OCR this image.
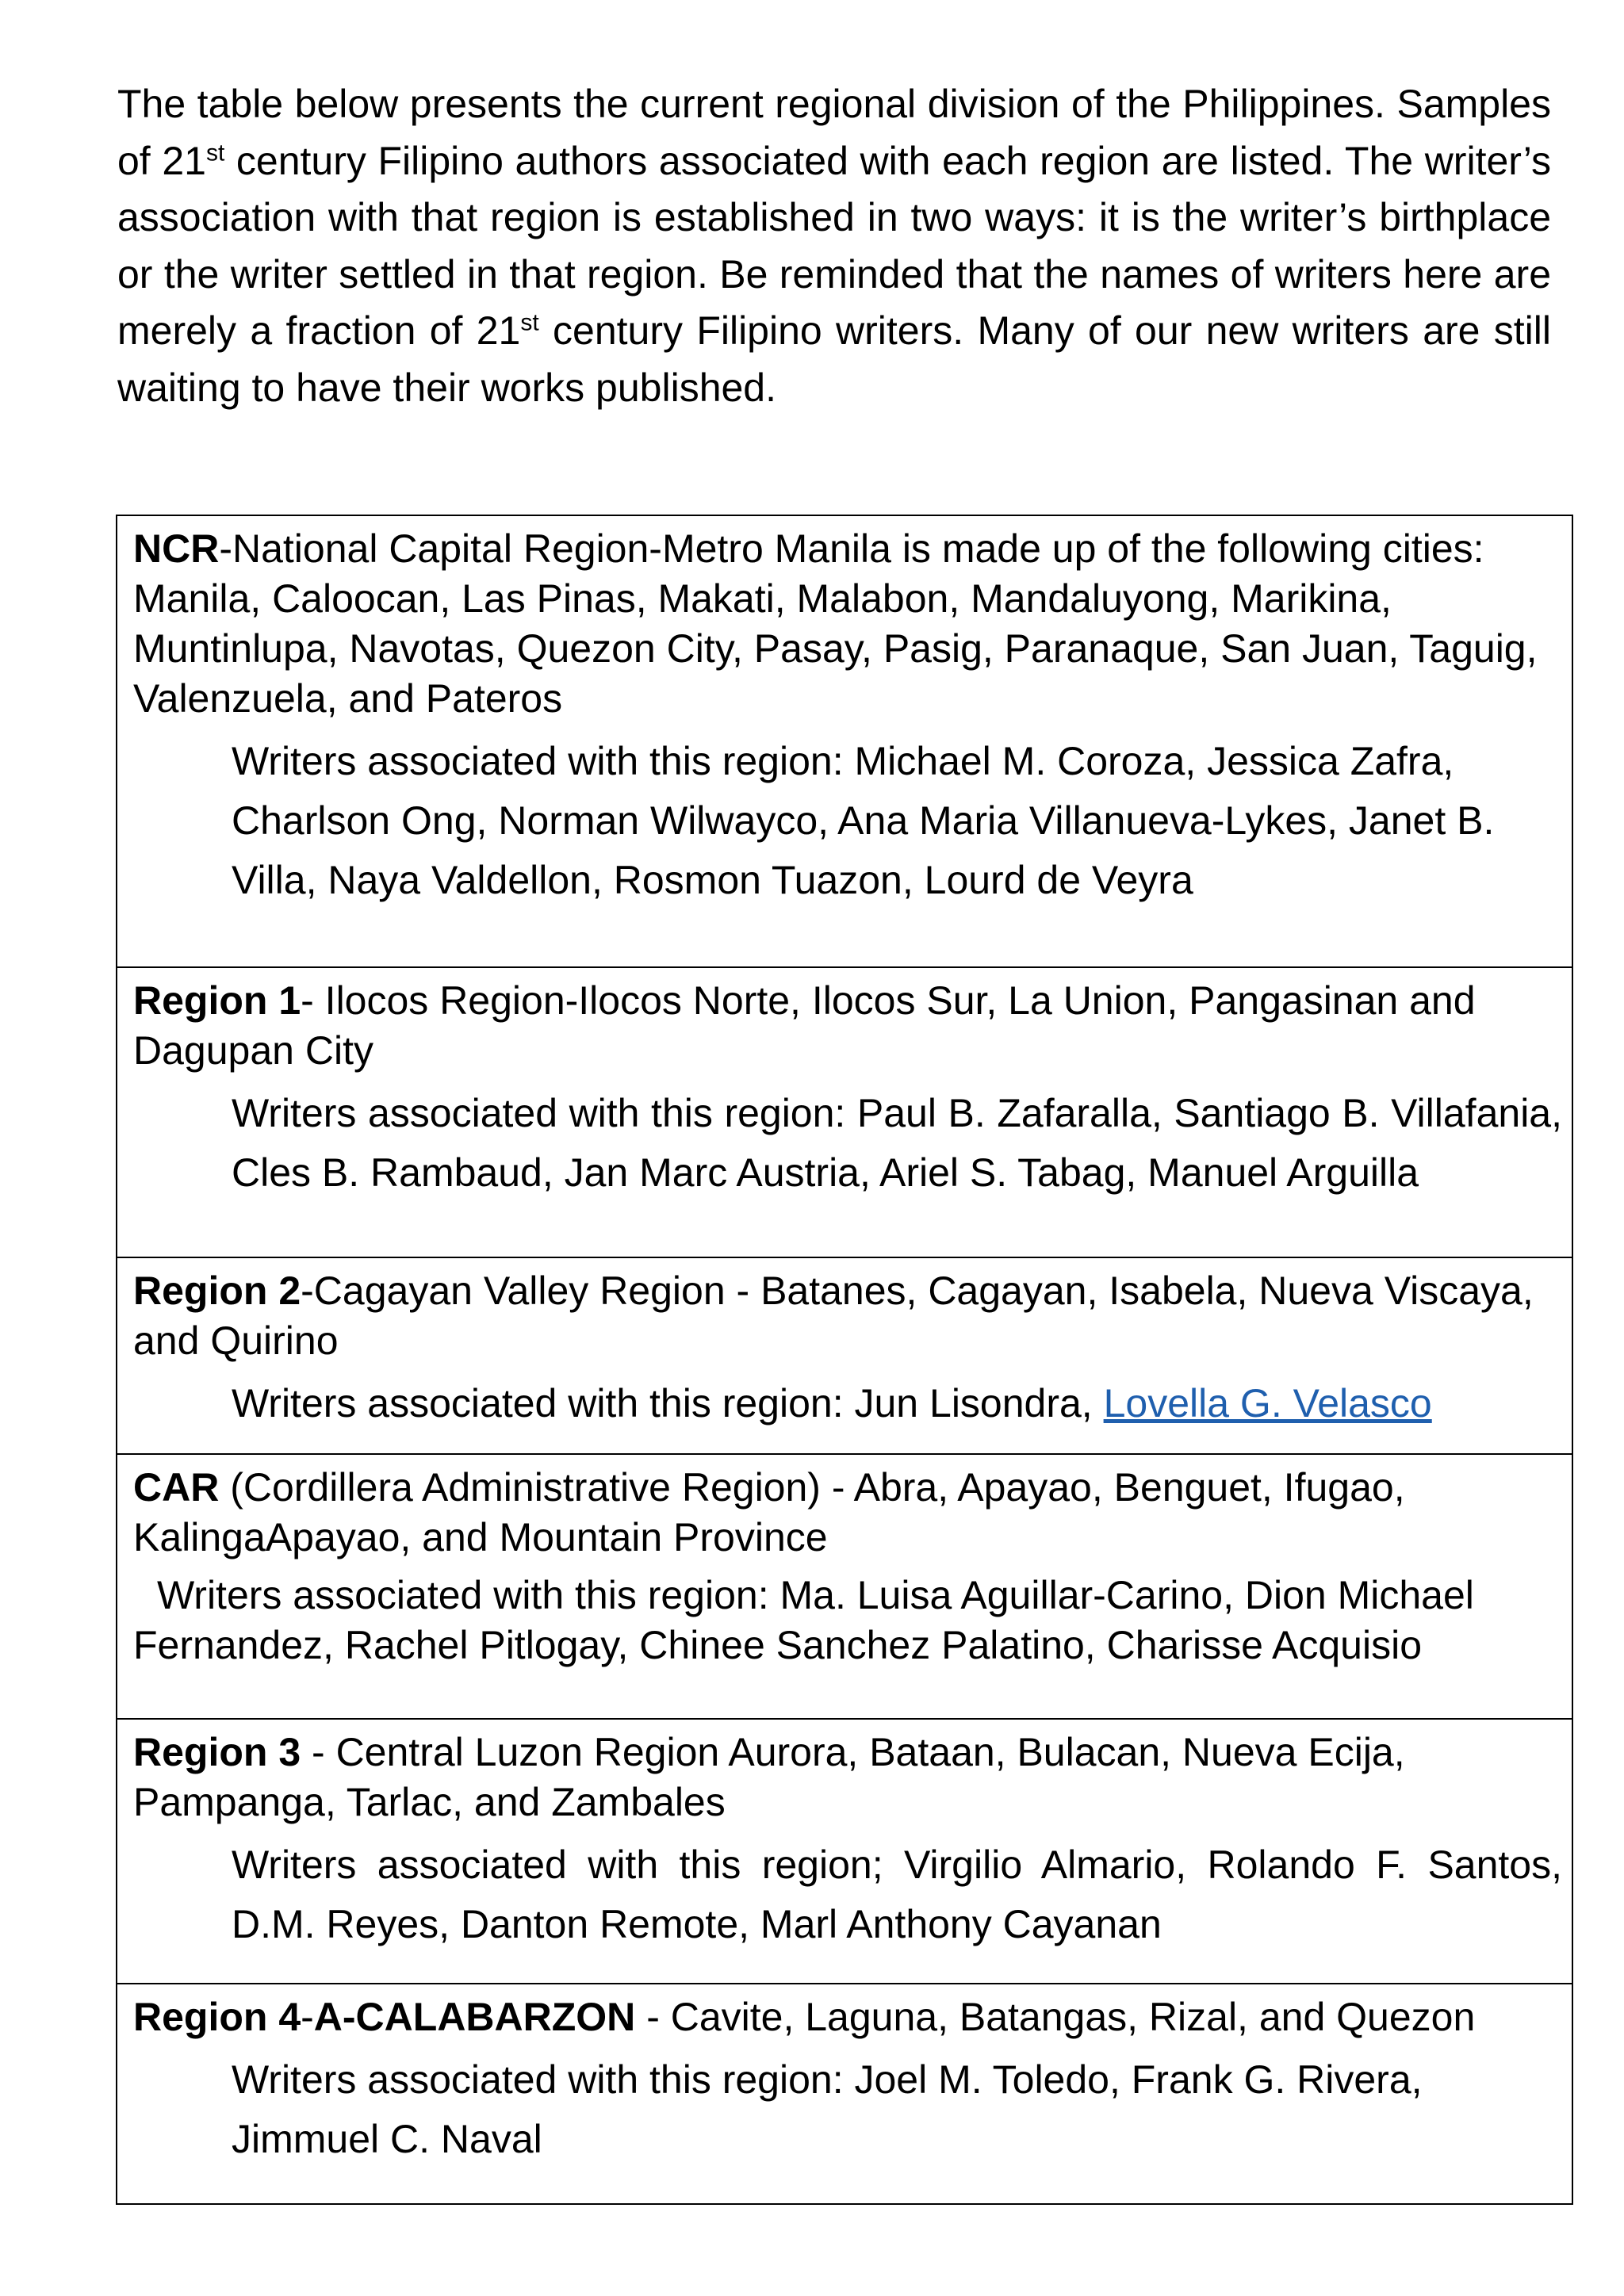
The table below presents the current regional division of the Philippines. Samples of 21st century Filipino authors associated with each region are listed. The writer’s association with that region is established in two ways: it is the writer’s birthplace or the writer settled in that region. Be reminded that the names of writers here are merely a fraction of 21st century Filipino writers. Many of our new writers are still waiting to have their works published.

NCR-National Capital Region-Metro Manila is made up of the following cities: Manila, Caloocan, Las Pinas, Makati, Malabon, Mandaluyong, Marikina, Muntinlupa, Navotas, Quezon City, Pasay, Pasig, Paranaque, San Juan, Taguig, Valenzuela, and Pateros

Writers associated with this region: Michael M. Coroza, Jessica Zafra, Charlson Ong, Norman Wilwayco, Ana Maria Villanueva-Lykes, Janet B. Villa, Naya Valdellon, Rosmon Tuazon, Lourd de Veyra

Region 1- Ilocos Region-Ilocos Norte, Ilocos Sur, La Union, Pangasinan and Dagupan City

Writers associated with this region: Paul B. Zafaralla, Santiago B. Villafania, Cles B. Rambaud, Jan Marc Austria, Ariel S. Tabag, Manuel Arguilla

Region 2-Cagayan Valley Region - Batanes, Cagayan, Isabela, Nueva Viscaya, and Quirino

Writers associated with this region: Jun Lisondra, Lovella G. Velasco

CAR (Cordillera Administrative Region) - Abra, Apayao, Benguet, Ifugao, KalingaApayao, and Mountain Province

Writers associated with this region: Ma. Luisa Aguillar-Carino, Dion Michael Fernandez, Rachel Pitlogay, Chinee Sanchez Palatino, Charisse Acquisio

Region 3 - Central Luzon Region Aurora, Bataan, Bulacan, Nueva Ecija, Pampanga, Tarlac, and Zambales

Writers associated with this region; Virgilio Almario, Rolando F. Santos, D.M. Reyes, Danton Remote, Marl Anthony Cayanan

Region 4-A-CALABARZON - Cavite, Laguna, Batangas, Rizal, and Quezon

Writers associated with this region: Joel M. Toledo, Frank G. Rivera, Jimmuel C. Naval
